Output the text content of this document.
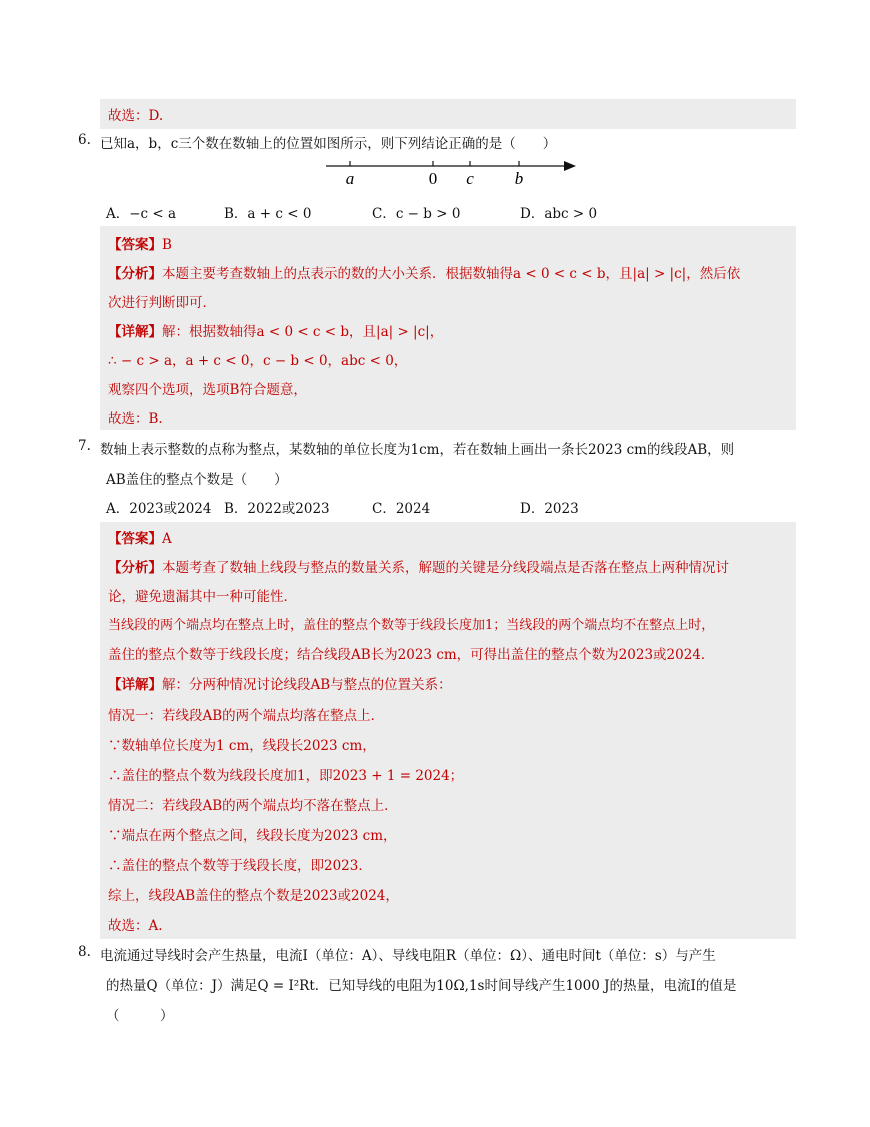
故选：D.
6. 已知a，b，c三个数在数轴上的位置如图所示，则下列结论正确的是（　　）
a	0 c b
A．−c < a	B．a + c < 0	C．c − b > 0	D．abc > 0
【答案】B
【分析】本题主要考查数轴上的点表示的数的大小关系．根据数轴得a < 0 < c < b，且|a| > |c|，然后依
次进行判断即可．
【详解】解：根据数轴得a < 0 < c < b，且|a| > |c|，
∴ − c > a，a + c < 0，c − b < 0，abc < 0，
观察四个选项，选项B符合题意，
故选：B.
7. 数轴上表示整数的点称为整点，某数轴的单位长度为1cm，若在数轴上画出一条长2023 cm的线段AB，则
AB盖住的整点个数是（　　）
A．2023或2024 B．2022或2023	C．2024	D．2023
【答案】A
【分析】本题考查了数轴上线段与整点的数量关系，解题的关键是分线段端点是否落在整点上两种情况讨
论，避免遗漏其中一种可能性．
当线段的两个端点均在整点上时，盖住的整点个数等于线段长度加1；当线段的两个端点均不在整点上时，
盖住的整点个数等于线段长度；结合线段AB长为2023 cm，可得出盖住的整点个数为2023或2024．
【详解】解：分两种情况讨论线段AB与整点的位置关系：
情况一：若线段AB的两个端点均落在整点上．
∵数轴单位长度为1 cm，线段长2023 cm，
∴盖住的整点个数为线段长度加1，即2023 + 1 = 2024；
情况二：若线段AB的两个端点均不落在整点上．
∵端点在两个整点之间，线段长度为2023 cm，
∴盖住的整点个数等于线段长度，即2023．
综上，线段AB盖住的整点个数是2023或2024，
故选：A.
8. 电流通过导线时会产生热量，电流I（单位：A）、导线电阻R（单位：Ω）、通电时间t（单位：s）与产生
的热量Q（单位：J）满足Q = I²Rt．已知导线的电阻为10Ω,1s时间导线产生1000 J的热量，电流I的值是
（　　　）
